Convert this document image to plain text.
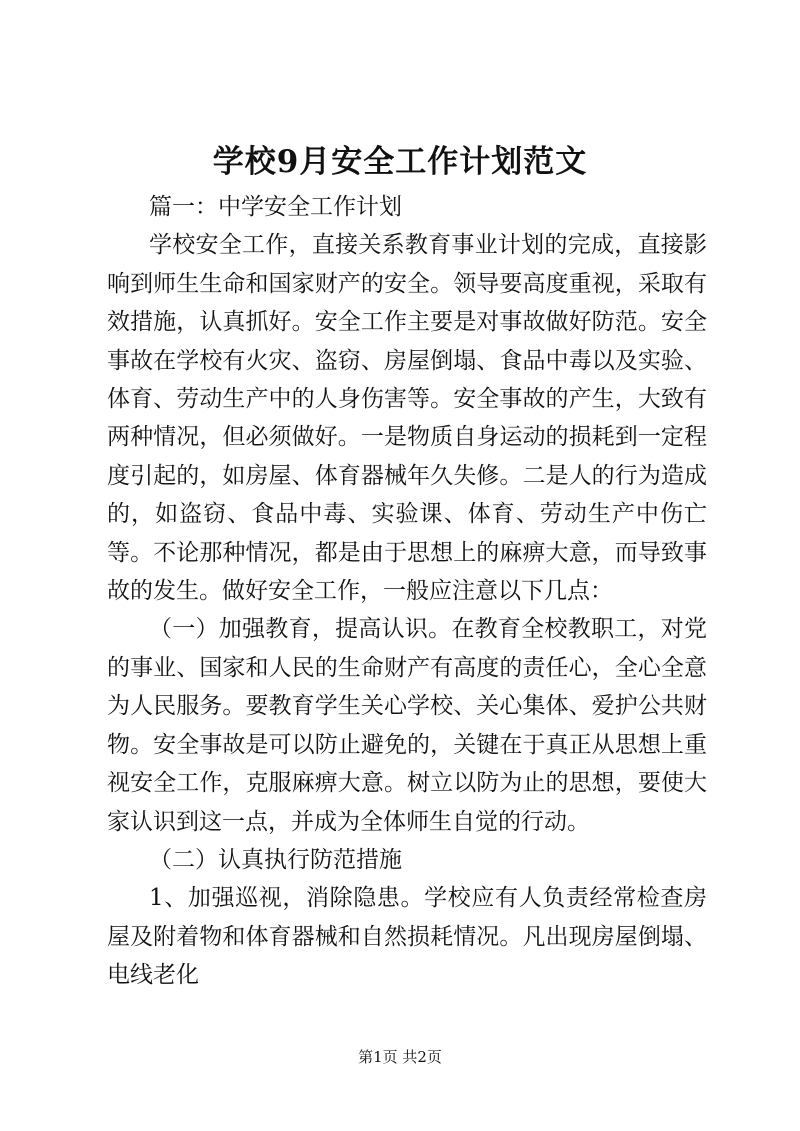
学校9月安全工作计划范文

篇一：中学安全工作计划

学校安全工作，直接关系教育事业计划的完成，直接影响到师生生命和国家财产的安全。领导要高度重视，采取有效措施，认真抓好。安全工作主要是对事故做好防范。安全事故在学校有火灾、盗窃、房屋倒塌、食品中毒以及实验、体育、劳动生产中的人身伤害等。安全事故的产生，大致有两种情况，但必须做好。一是物质自身运动的损耗到一定程度引起的，如房屋、体育器械年久失修。二是人的行为造成的，如盗窃、食品中毒、实验课、体育、劳动生产中伤亡等。不论那种情况，都是由于思想上的麻痹大意，而导致事故的发生。做好安全工作，一般应注意以下几点：

（一）加强教育，提高认识。在教育全校教职工，对党的事业、国家和人民的生命财产有高度的责任心，全心全意为人民服务。要教育学生关心学校、关心集体、爱护公共财物。安全事故是可以防止避免的，关键在于真正从思想上重视安全工作，克服麻痹大意。树立以防为止的思想，要使大家认识到这一点，并成为全体师生自觉的行动。

（二）认真执行防范措施

1、加强巡视，消除隐患。学校应有人负责经常检查房屋及附着物和体育器械和自然损耗情况。凡出现房屋倒塌、电线老化

第1页 共2页
